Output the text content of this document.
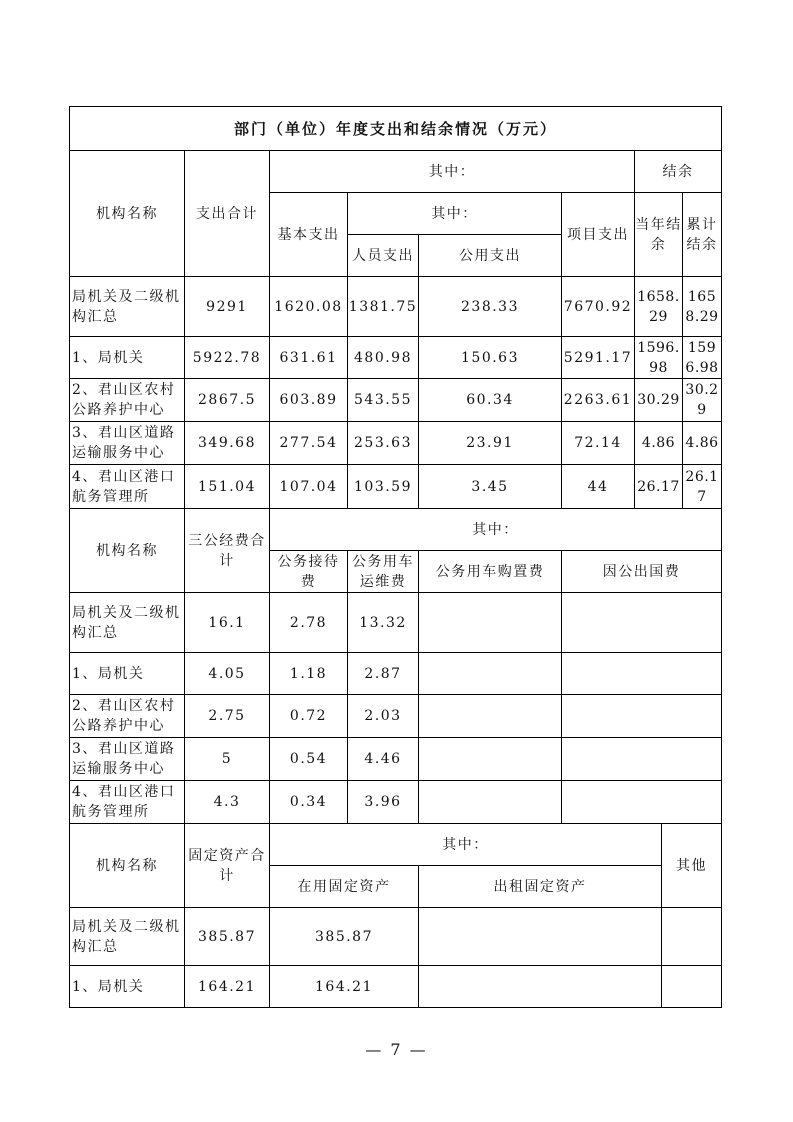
部门（单位）年度支出和结余情况（万元）							
机构名称	支出合计	其中：				结余	
		基本支出	其中：		项目支出	当年结余	累计结余
			人员支出	公用支出			
局机关及二级机构汇总	9291	1620.08	1381.75	238.33	7670.92	1658.29	1658.29
1、局机关	5922.78	631.61	480.98	150.63	5291.17	1596.98	1596.98
2、君山区农村公路养护中心	2867.5	603.89	543.55	60.34	2263.61	30.29	30.29
3、君山区道路运输服务中心	349.68	277.54	253.63	23.91	72.14	4.86	4.86
4、君山区港口航务管理所	151.04	107.04	103.59	3.45	44	26.17	26.17
机构名称	三公经费合计	其中：			
		公务接待费	公务用车运维费	公务用车购置费	因公出国费
局机关及二级机构汇总	16.1	2.78	13.32		
1、局机关	4.05	1.18	2.87		
2、君山区农村公路养护中心	2.75	0.72	2.03		
3、君山区道路运输服务中心	5	0.54	4.46		
4、君山区港口航务管理所	4.3	0.34	3.96		
机构名称	固定资产合计	其中：		其他
		在用固定资产	出租固定资产	
局机关及二级机构汇总	385.87	385.87		
1、局机关	164.21	164.21		
— 7 —
